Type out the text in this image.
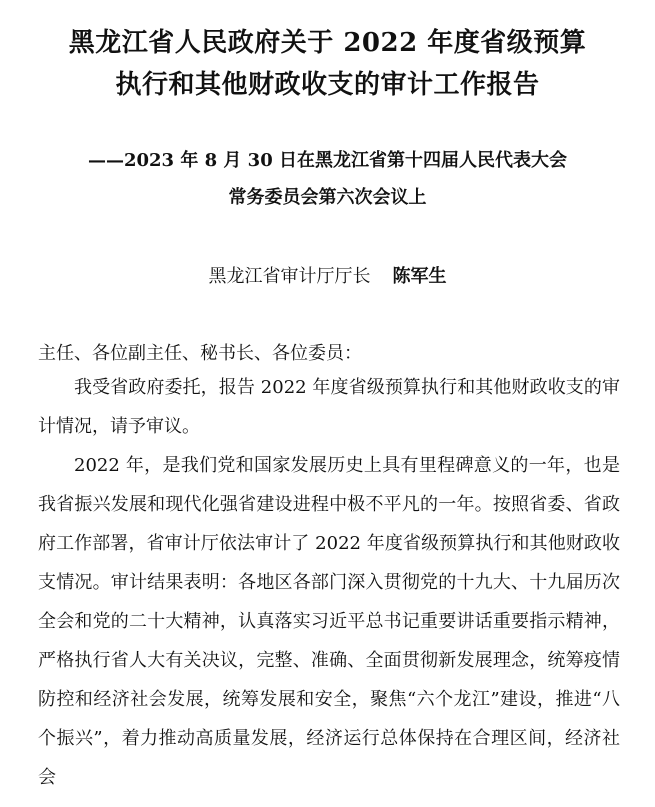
黑龙江省人民政府关于 2022 年度省级预算
执行和其他财政收支的审计工作报告
——2023 年 8 月 30 日在黑龙江省第十四届人民代表大会
常务委员会第六次会议上
黑龙江省审计厅厅长 陈军生
主任、各位副主任、秘书长、各位委员：

我受省政府委托，报告 2022 年度省级预算执行和其他财政收支的审计情况，请予审议。

2022 年，是我们党和国家发展历史上具有里程碑意义的一年，也是我省振兴发展和现代化强省建设进程中极不平凡的一年。按照省委、省政府工作部署，省审计厅依法审计了 2022 年度省级预算执行和其他财政收支情况。审计结果表明：各地区各部门深入贯彻党的十九大、十九届历次全会和党的二十大精神，认真落实习近平总书记重要讲话重要指示精神，严格执行省人大有关决议，完整、准确、全面贯彻新发展理念，统筹疫情防控和经济社会发展，统筹发展和安全，聚焦“六个龙江”建设，推进“八个振兴”，着力推动高质量发展，经济运行总体保持在合理区间，经济社会
